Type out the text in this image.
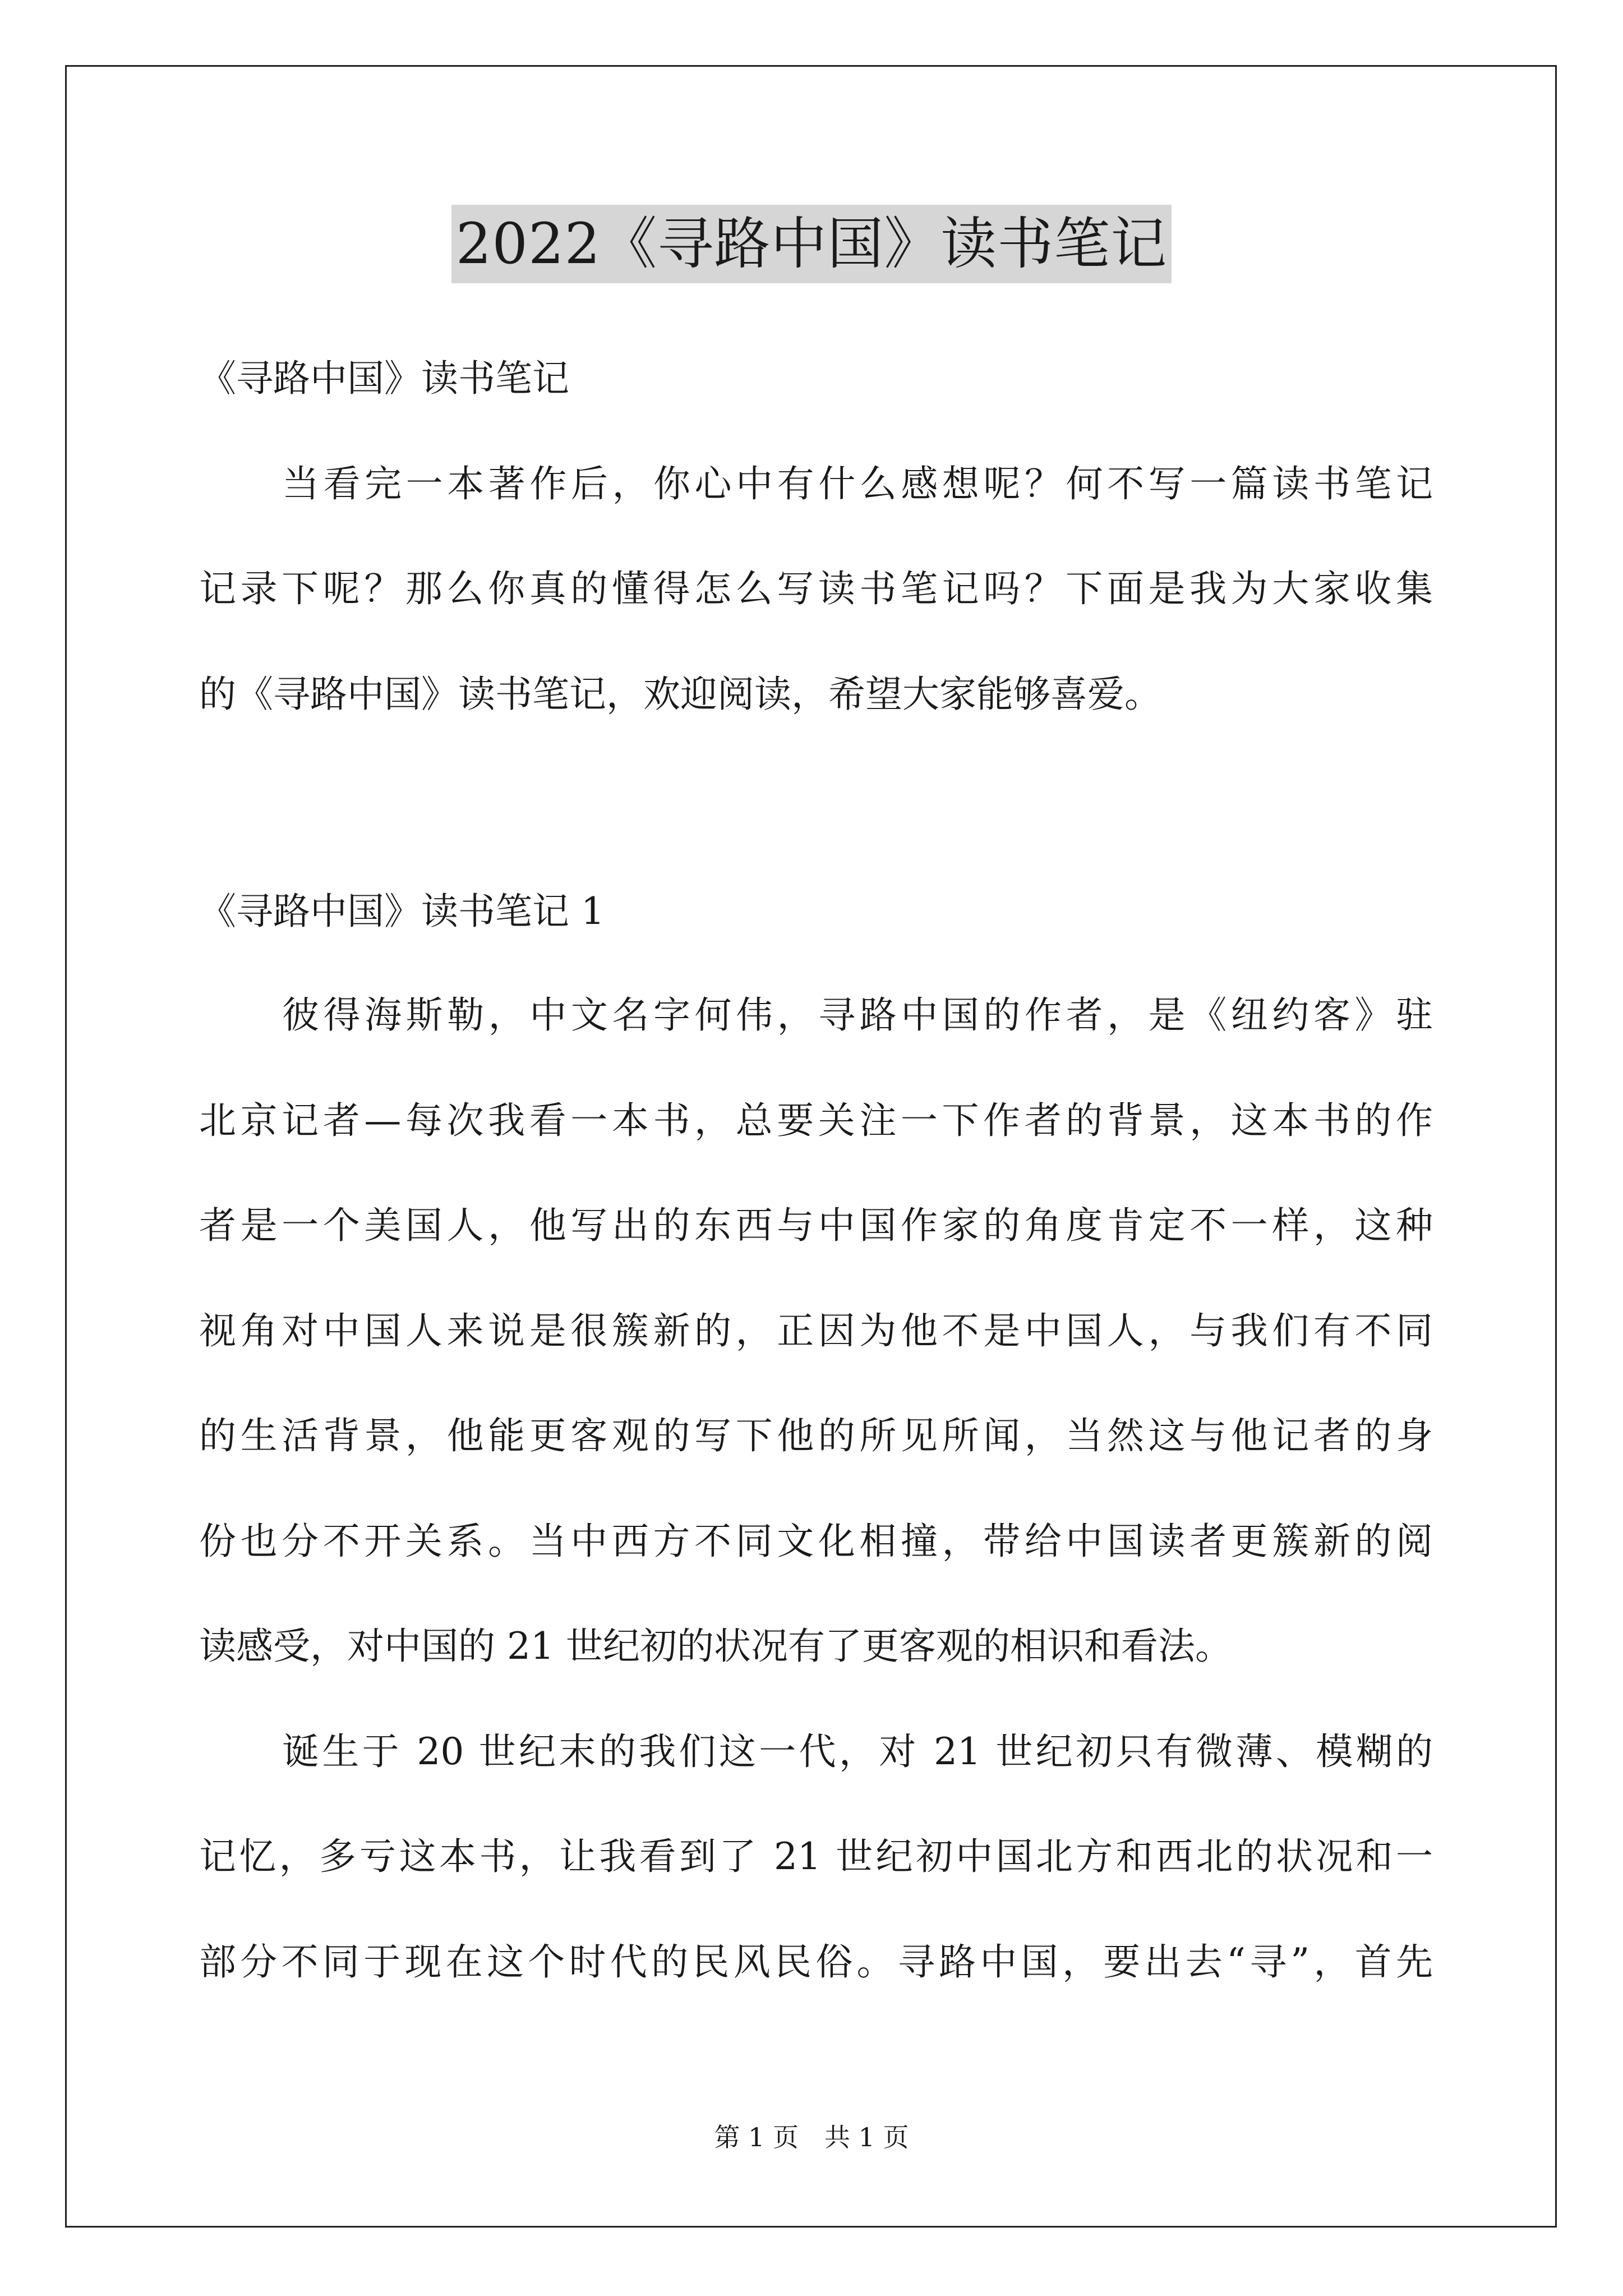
2022《寻路中国》读书笔记
《寻路中国》读书笔记
当看完一本著作后，你心中有什么感想呢？何不写一篇读书笔记
记录下呢？那么你真的懂得怎么写读书笔记吗？下面是我为大家收集
的《寻路中国》读书笔记，欢迎阅读，希望大家能够喜爱。
《寻路中国》读书笔记 1
彼得海斯勒，中文名字何伟，寻路中国的作者，是《纽约客》驻
北京记者—每次我看一本书，总要关注一下作者的背景，这本书的作
者是一个美国人，他写出的东西与中国作家的角度肯定不一样，这种
视角对中国人来说是很簇新的，正因为他不是中国人，与我们有不同
的生活背景，他能更客观的写下他的所见所闻，当然这与他记者的身
份也分不开关系。当中西方不同文化相撞，带给中国读者更簇新的阅
读感受，对中国的 21 世纪初的状况有了更客观的相识和看法。
诞生于 20 世纪末的我们这一代，对 21 世纪初只有微薄、模糊的
记忆，多亏这本书，让我看到了 21 世纪初中国北方和西北的状况和一
部分不同于现在这个时代的民风民俗。寻路中国，要出去“寻”，首先
第 1 页　共 1 页
